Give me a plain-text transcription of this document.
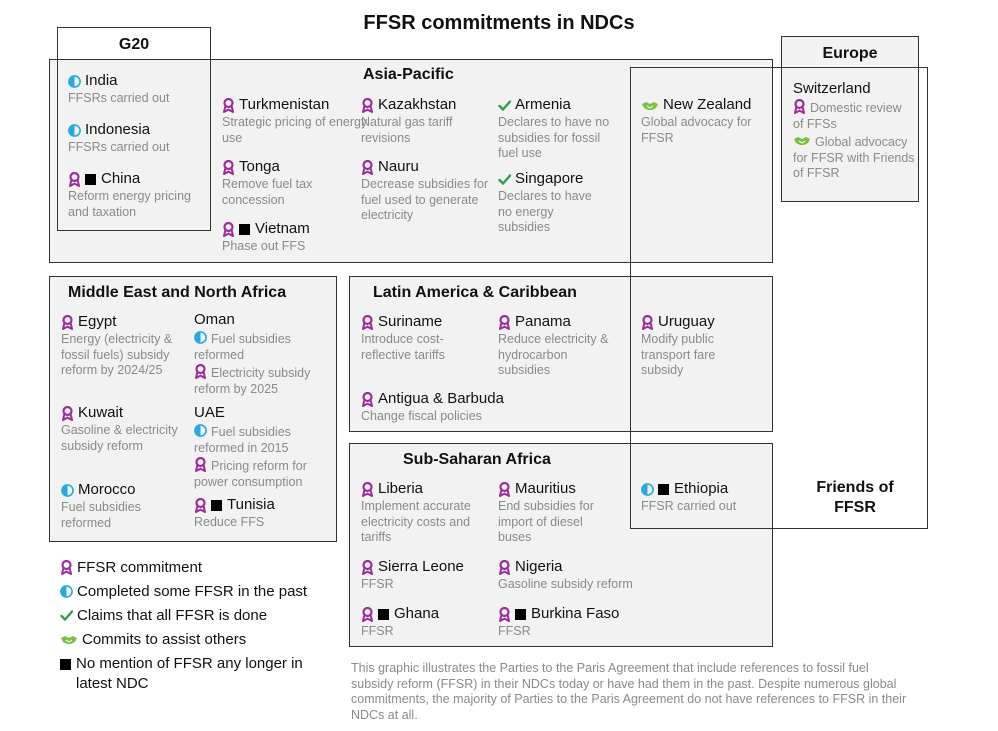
FFSR commitments in NDCs
G20
Asia-Pacific
Europe
Middle East and North Africa	Latin America & Caribbean
Sub-Saharan Africa
Friends of FFSR
India
FFSRs carried out
Indonesia
FFSRs carried out
China
Reform energy pricing and taxation
Turkmenistan
Strategic pricing of energy use
Tonga
Remove fuel tax concession
Vietnam
Phase out FFS
Kazakhstan
Natural gas tariff revisions
Nauru
Decrease subsidies for fuel used to generate electricity
Armenia
Declares to have no subsidies for fossil fuel use
Singapore
Declares to have no energy subsidies
New Zealand
Global advocacy for FFSR
Egypt
Energy (electricity & fossil fuels) subsidy reform by 2024/25
Kuwait
Gasoline & electricity subsidy reform
Morocco
Fuel subsidies reformed
Tunisia
Reduce FFS
Suriname
Introduce cost-reflective tariffs
Panama
Reduce electricity & hydrocarbon subsidies
Antigua & Barbuda
Change fiscal policies
Uruguay
Modify public transport fare subsidy
Liberia
Implement accurate electricity costs and tariffs
Mauritius
End subsidies for import of diesel buses
Sierra Leone
FFSR
Nigeria
Gasoline subsidy reform
Ghana
FFSR
Burkina Faso
FFSR
Ethiopia
FFSR carried out
Switzerland
Domestic review of FFSs
Global advocacy for FFSR with Friends of FFSR
Oman
Fuel subsidies reformed
Electricity subsidy reform by 2025
UAE
Fuel subsidies reformed in 2015
Pricing reform for power consumption
FFSR commitment
Completed some FFSR in the past
Claims that all FFSR is done
Commits to assist others
No mention of FFSR any longer in
latest NDC
This graphic illustrates the Parties to the Paris Agreement that include references to fossil fuel subsidy reform (FFSR) in their NDCs today or have had them in the past. Despite numerous global commitments, the majority of Parties to the Paris Agreement do not have references to FFSR in their NDCs at all.
